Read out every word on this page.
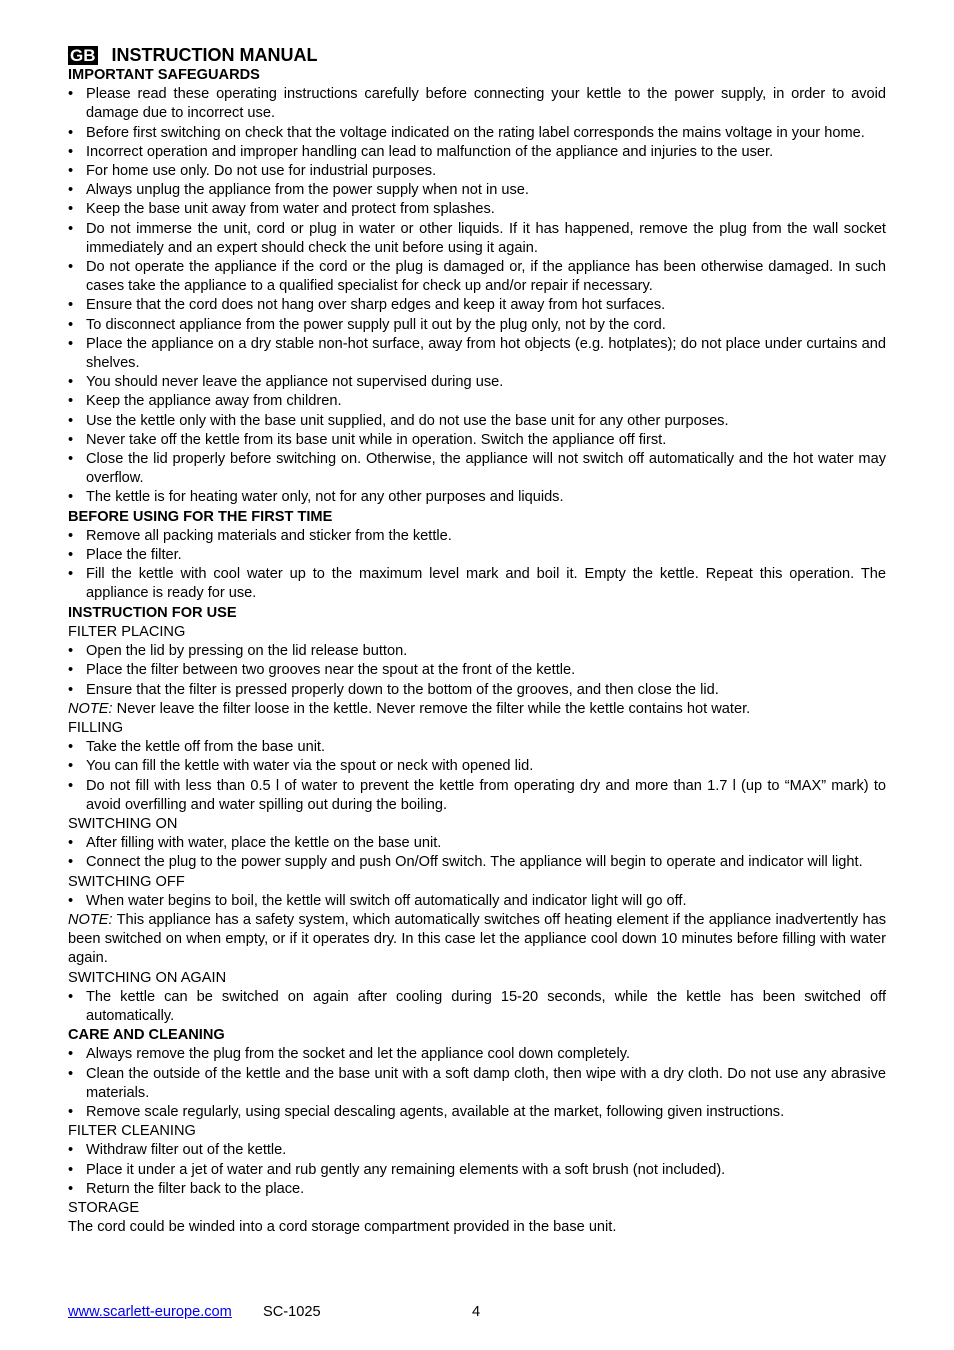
GB INSTRUCTION MANUAL
IMPORTANT SAFEGUARDS
• Please read these operating instructions carefully before connecting your kettle to the power supply, in order to avoid damage due to incorrect use.
• Before first switching on check that the voltage indicated on the rating label corresponds the mains voltage in your home.
• Incorrect operation and improper handling can lead to malfunction of the appliance and injuries to the user.
• For home use only. Do not use for industrial purposes.
• Always unplug the appliance from the power supply when not in use.
• Keep the base unit away from water and protect from splashes.
• Do not immerse the unit, cord or plug in water or other liquids. If it has happened, remove the plug from the wall socket immediately and an expert should check the unit before using it again.
• Do not operate the appliance if the cord or the plug is damaged or, if the appliance has been otherwise damaged. In such cases take the appliance to a qualified specialist for check up and/or repair if necessary.
• Ensure that the cord does not hang over sharp edges and keep it away from hot surfaces.
• To disconnect appliance from the power supply pull it out by the plug only, not by the cord.
• Place the appliance on a dry stable non-hot surface, away from hot objects (e.g. hotplates); do not place under curtains and shelves.
• You should never leave the appliance not supervised during use.
• Keep the appliance away from children.
• Use the kettle only with the base unit supplied, and do not use the base unit for any other purposes.
• Never take off the kettle from its base unit while in operation. Switch the appliance off first.
• Close the lid properly before switching on. Otherwise, the appliance will not switch off automatically and the hot water may overflow.
• The kettle is for heating water only, not for any other purposes and liquids.
BEFORE USING FOR THE FIRST TIME
• Remove all packing materials and sticker from the kettle.
• Place the filter.
• Fill the kettle with cool water up to the maximum level mark and boil it. Empty the kettle. Repeat this operation. The appliance is ready for use.
INSTRUCTION FOR USE
FILTER PLACING
• Open the lid by pressing on the lid release button.
• Place the filter between two grooves near the spout at the front of the kettle.
• Ensure that the filter is pressed properly down to the bottom of the grooves, and then close the lid.
NOTE: Never leave the filter loose in the kettle. Never remove the filter while the kettle contains hot water.
FILLING
• Take the kettle off from the base unit.
• You can fill the kettle with water via the spout or neck with opened lid.
• Do not fill with less than 0.5 l of water to prevent the kettle from operating dry and more than 1.7 l (up to “MAX” mark) to avoid overfilling and water spilling out during the boiling.
SWITCHING ON
• After filling with water, place the kettle on the base unit.
• Connect the plug to the power supply and push On/Off switch. The appliance will begin to operate and indicator will light.
SWITCHING OFF
• When water begins to boil, the kettle will switch off automatically and indicator light will go off.
NOTE: This appliance has a safety system, which automatically switches off heating element if the appliance inadvertently has been switched on when empty, or if it operates dry. In this case let the appliance cool down 10 minutes before filling with water again.
SWITCHING ON AGAIN
• The kettle can be switched on again after cooling during 15-20 seconds, while the kettle has been switched off automatically.
CARE AND CLEANING
• Always remove the plug from the socket and let the appliance cool down completely.
• Clean the outside of the kettle and the base unit with a soft damp cloth, then wipe with a dry cloth. Do not use any abrasive materials.
• Remove scale regularly, using special descaling agents, available at the market, following given instructions.
FILTER CLEANING
• Withdraw filter out of the kettle.
• Place it under a jet of water and rub gently any remaining elements with a soft brush (not included).
• Return the filter back to the place.
STORAGE
The cord could be winded into a cord storage compartment provided in the base unit.
www.scarlett-europe.com SC-1025	4
